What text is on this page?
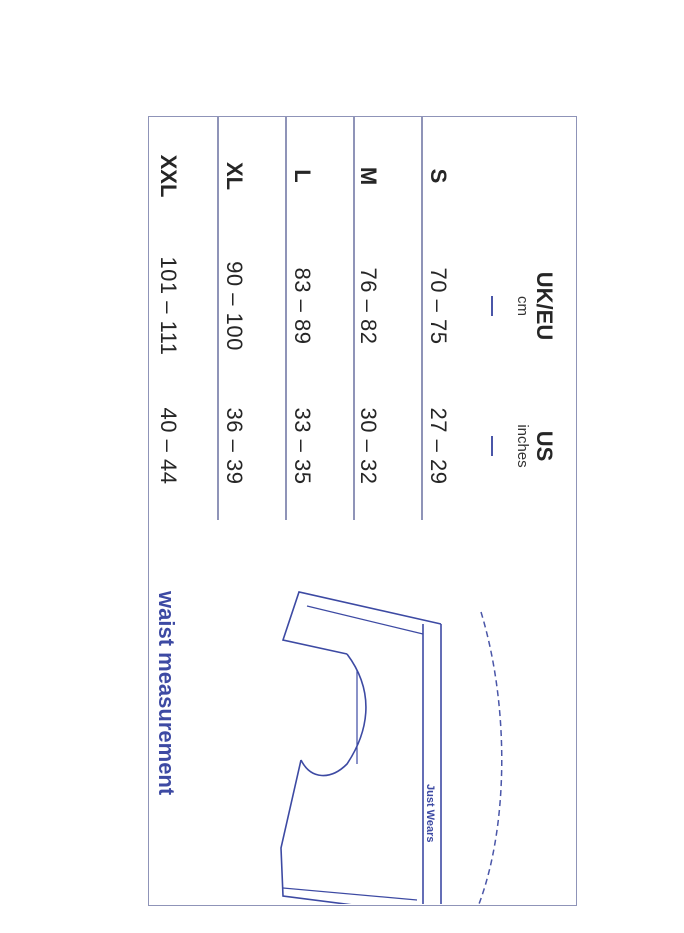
UK/EU
cm
US
inches
S
70 – 75
27 – 29
M
76 – 82
30 – 32
L
83 – 89
33 – 35
XL
90 – 100
36 – 39
XXL
101 – 111
40 – 44
Just Wears
waist measurement
